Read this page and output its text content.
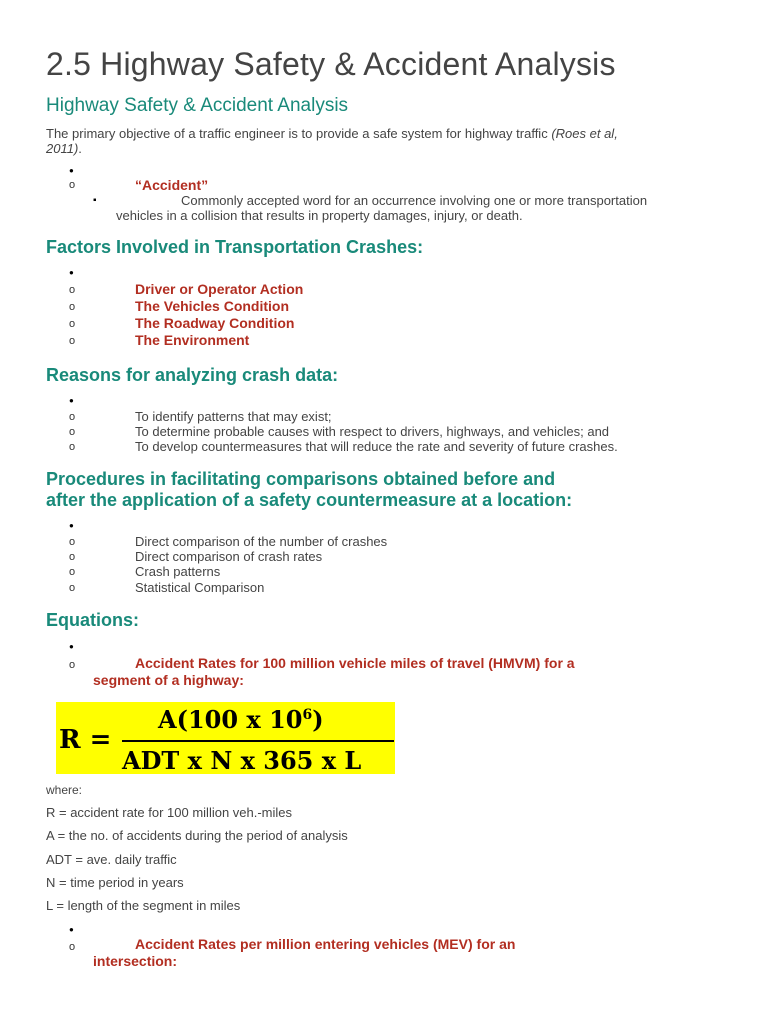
2.5 Highway Safety & Accident Analysis
Highway Safety & Accident Analysis
The primary objective of a traffic engineer is to provide a safe system for highway traffic (Roes et al,
2011).
●
o	“Accident”
▪	Commonly accepted word for an occurrence involving one or more transportation
vehicles in a collision that results in property damages, injury, or death.
Factors Involved in Transportation Crashes:
●
o	Driver or Operator Action
o	The Vehicles Condition
o	The Roadway Condition
o	The Environment
Reasons for analyzing crash data:
●
o	To identify patterns that may exist;
o	To determine probable causes with respect to drivers, highways, and vehicles; and
o	To develop countermeasures that will reduce the rate and severity of future crashes.
Procedures in facilitating comparisons obtained before and
after the application of a safety countermeasure at a location:
●
o	Direct comparison of the number of crashes
o	Direct comparison of crash rates
o	Crash patterns
o	Statistical Comparison
Equations:
●
o	Accident Rates for 100 million vehicle miles of travel (HMVM) for a
segment of a highway:
R =
A(100 x $10^6$)
ADT x N x 365 x L
where:
R = accident rate for 100 million veh.-miles
A = the no. of accidents during the period of analysis
ADT = ave. daily traffic
N = time period in years
L = length of the segment in miles
●
o	Accident Rates per million entering vehicles (MEV) for an
intersection:
